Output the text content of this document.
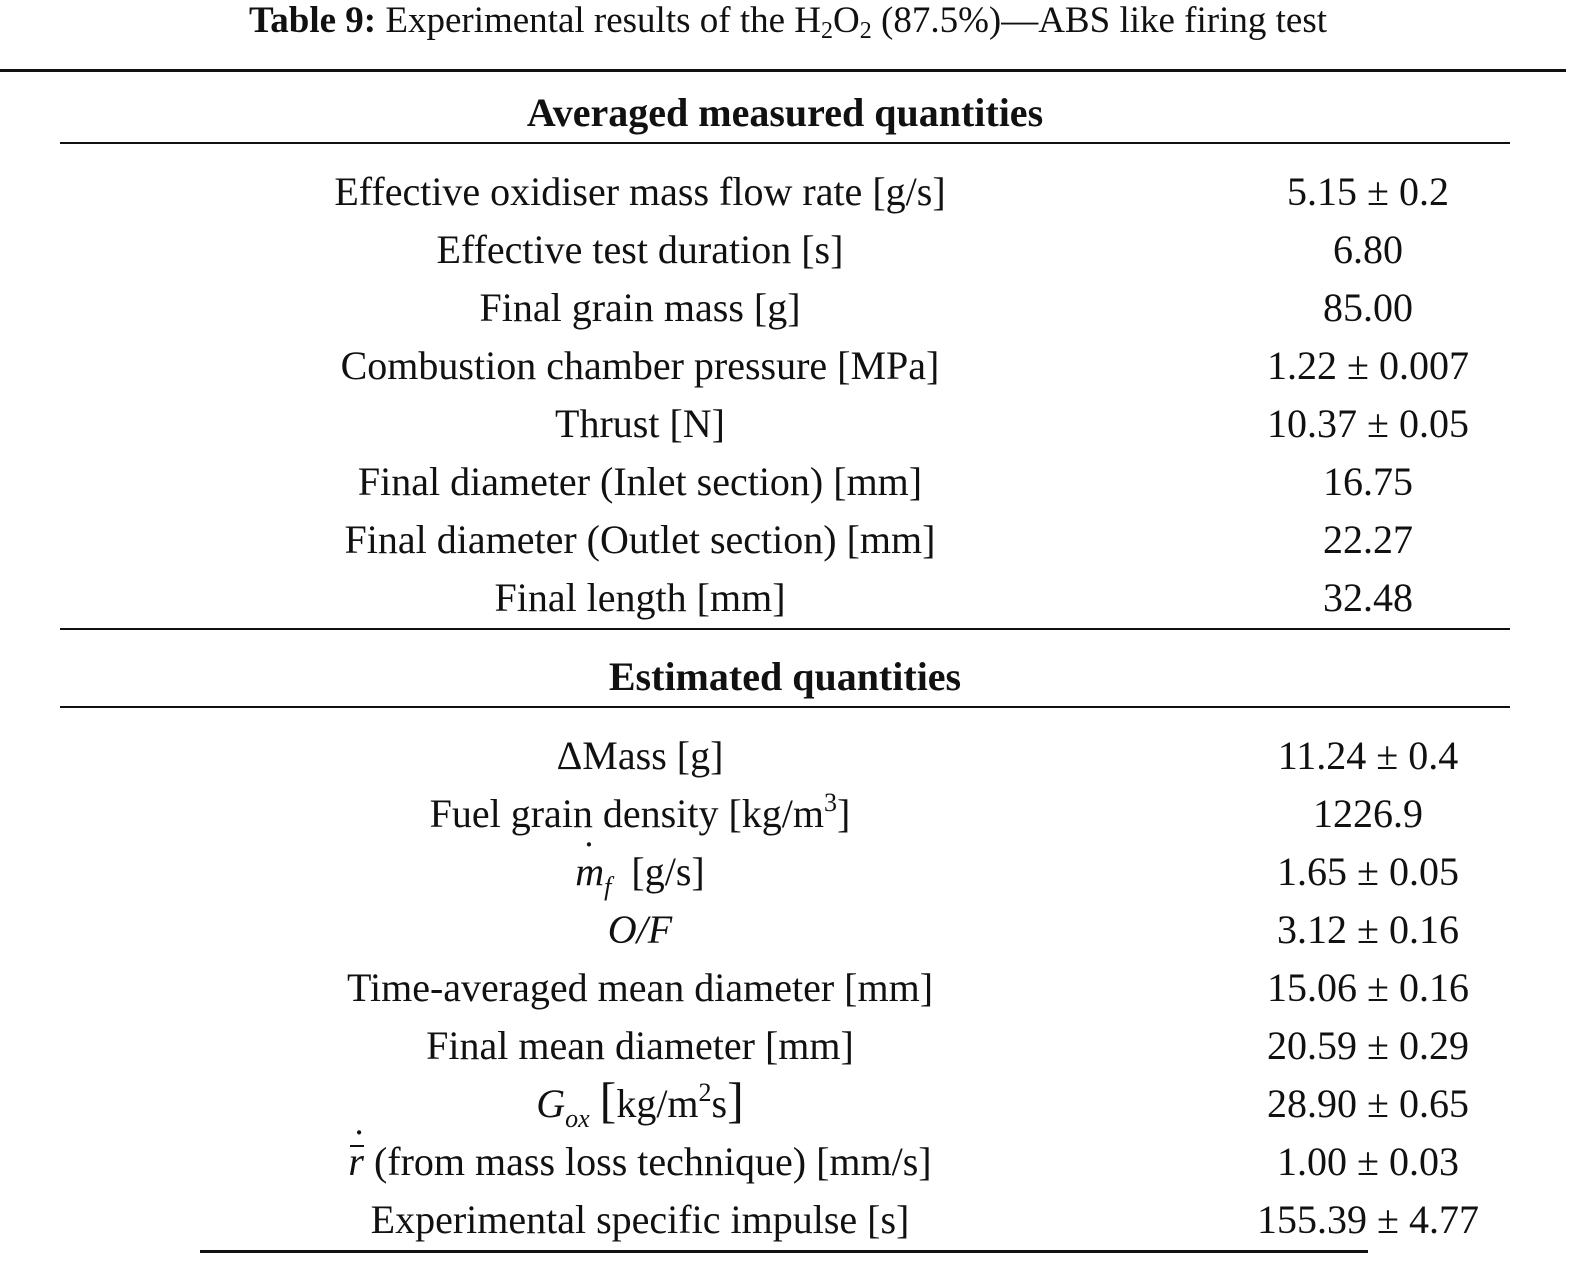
Table 9: Experimental results of the $H_2O_2$ (87.5%)—ABS like firing test
Averaged measured quantities
Effective oxidiser mass flow rate [g/s]	5.15 ± 0.2
Effective test duration [s]	6.80
Final grain mass [g]	85.00
Combustion chamber pressure [MPa]	1.22 ± 0.007
Thrust [N]	10.37 ± 0.05
Final diameter (Inlet section) [mm]	16.75
Final diameter (Outlet section) [mm]	22.27
Final length [mm]	32.48
Estimated quantities
ΔMass [g]	11.24 ± 0.4
Fuel grain density $[kg/m^3]$	1226.9
˙ $m_f$ [g/s]	1.65 ± 0.05
O/F	3.12 ± 0.16
Time-averaged mean diameter [mm]	15.06 ± 0.16
Final mean diameter [mm]	20.59 ± 0.29
$G_{ox}$ $[kg/m^2s]$	28.90 ± 0.65
r ˙ (from mass loss technique) [mm/s]	1.00 ± 0.03
Experimental specific impulse [s]	155.39 ± 4.77
